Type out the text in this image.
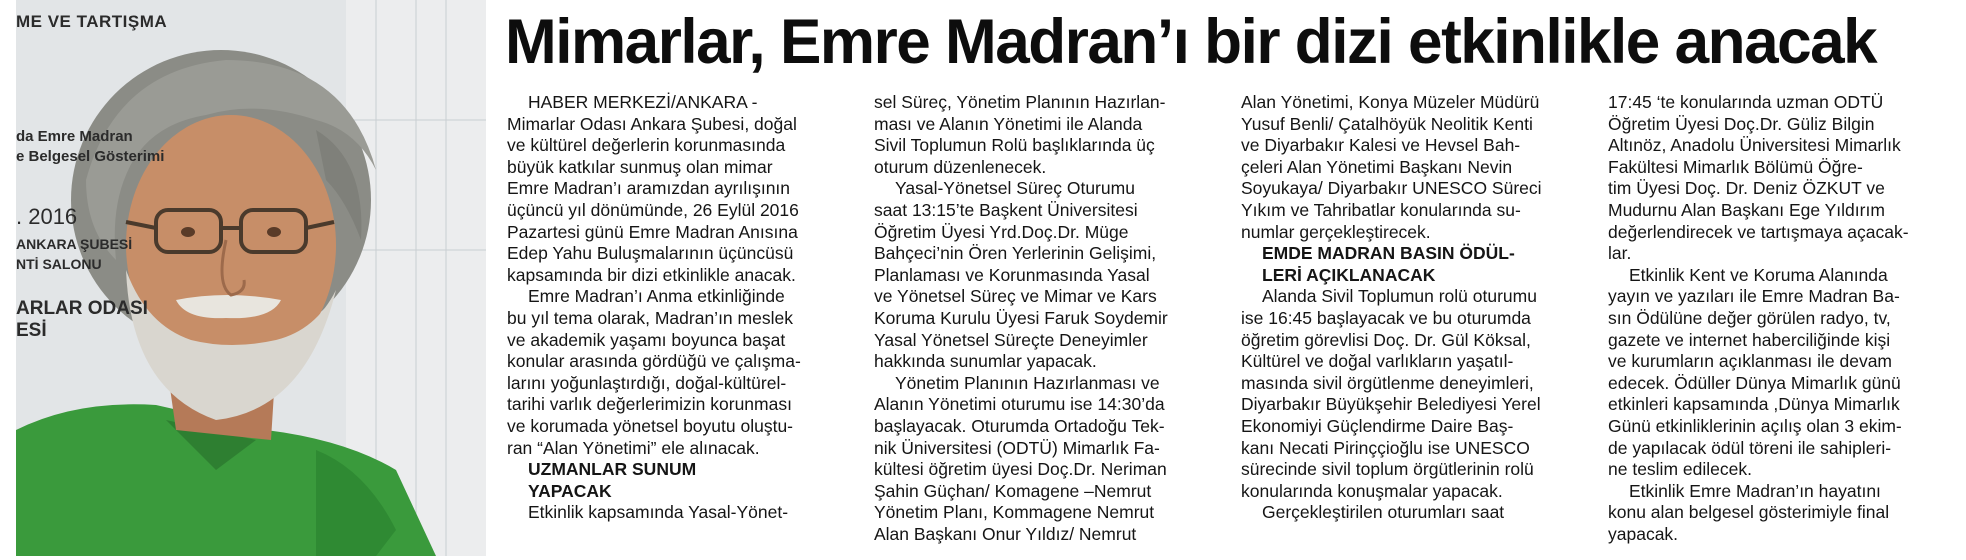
ME VE TARTIŞMA
da Emre Madran
e Belgesel Gösterimi
. 2016
ANKARA ŞUBESİ
NTİ SALONU
ARLAR ODASI
ESİ
Mimarlar, Emre Madran’ı bir dizi etkinlikle anacak
HABER MERKEZİ/ANKARA -
Mimarlar Odası Ankara Şubesi, doğal
ve kültürel değerlerin korunmasında
büyük katkılar sunmuş olan mimar
Emre Madran’ı aramızdan ayrılışının
üçüncü yıl dönümünde, 26 Eylül 2016
Pazartesi günü Emre Madran Anısına
Edep Yahu Buluşmalarının üçüncüsü
kapsamında bir dizi etkinlikle anacak.
Emre Madran’ı Anma etkinliğinde
bu yıl tema olarak, Madran’ın meslek
ve akademik yaşamı boyunca başat
konular arasında gördüğü ve çalışma-
larını yoğunlaştırdığı, doğal-kültürel-
tarihi varlık değerlerimizin korunması
ve korumada yönetsel boyutu oluştu-
ran “Alan Yönetimi” ele alınacak.
UZMANLAR SUNUM
YAPACAK
Etkinlik kapsamında Yasal-Yönet-
sel Süreç, Yönetim Planının Hazırlan-
ması ve Alanın Yönetimi ile Alanda
Sivil Toplumun Rolü başlıklarında üç
oturum düzenlenecek.
Yasal-Yönetsel Süreç Oturumu
saat 13:15’te Başkent Üniversitesi
Öğretim Üyesi Yrd.Doç.Dr. Müge
Bahçeci’nin Ören Yerlerinin Gelişimi,
Planlaması ve Korunmasında Yasal
ve Yönetsel Süreç ve Mimar ve Kars
Koruma Kurulu Üyesi Faruk Soydemir
Yasal Yönetsel Süreçte Deneyimler
hakkında sunumlar yapacak.
Yönetim Planının Hazırlanması ve
Alanın Yönetimi oturumu ise 14:30’da
başlayacak. Oturumda Ortadoğu Tek-
nik Üniversitesi (ODTÜ) Mimarlık Fa-
kültesi öğretim üyesi Doç.Dr. Neriman
Şahin Güçhan/ Komagene –Nemrut
Yönetim Planı, Kommagene Nemrut
Alan Başkanı Onur Yıldız/ Nemrut
Alan Yönetimi, Konya Müzeler Müdürü
Yusuf Benli/ Çatalhöyük Neolitik Kenti
ve Diyarbakır Kalesi ve Hevsel Bah-
çeleri Alan Yönetimi Başkanı Nevin
Soyukaya/ Diyarbakır UNESCO Süreci
Yıkım ve Tahribatlar konularında su-
numlar gerçekleştirecek.
EMDE MADRAN BASIN ÖDÜL-
LERİ AÇIKLANACAK
Alanda Sivil Toplumun rolü oturumu
ise 16:45 başlayacak ve bu oturumda
öğretim görevlisi Doç. Dr. Gül Köksal,
Kültürel ve doğal varlıkların yaşatıl-
masında sivil örgütlenme deneyimleri,
Diyarbakır Büyükşehir Belediyesi Yerel
Ekonomiyi Güçlendirme Daire Baş-
kanı Necati Pirinççioğlu ise UNESCO
sürecinde sivil toplum örgütlerinin rolü
konularında konuşmalar yapacak.
Gerçekleştirilen oturumları saat
17:45 ‘te konularında uzman ODTÜ
Öğretim Üyesi Doç.Dr. Güliz Bilgin
Altınöz, Anadolu Üniversitesi Mimarlık
Fakültesi Mimarlık Bölümü Öğre-
tim Üyesi Doç. Dr. Deniz ÖZKUT ve
Mudurnu Alan Başkanı Ege Yıldırım
değerlendirecek ve tartışmaya açacak-
lar.
Etkinlik Kent ve Koruma Alanında
yayın ve yazıları ile Emre Madran Ba-
sın Ödülüne değer görülen radyo, tv,
gazete ve internet haberciliğinde kişi
ve kurumların açıklanması ile devam
edecek. Ödüller Dünya Mimarlık günü
etkinleri kapsamında ,Dünya Mimarlık
Günü etkinliklerinin açılış olan 3 ekim-
de yapılacak ödül töreni ile sahipleri-
ne teslim edilecek.
Etkinlik Emre Madran’ın hayatını
konu alan belgesel gösterimiyle final
yapacak.
